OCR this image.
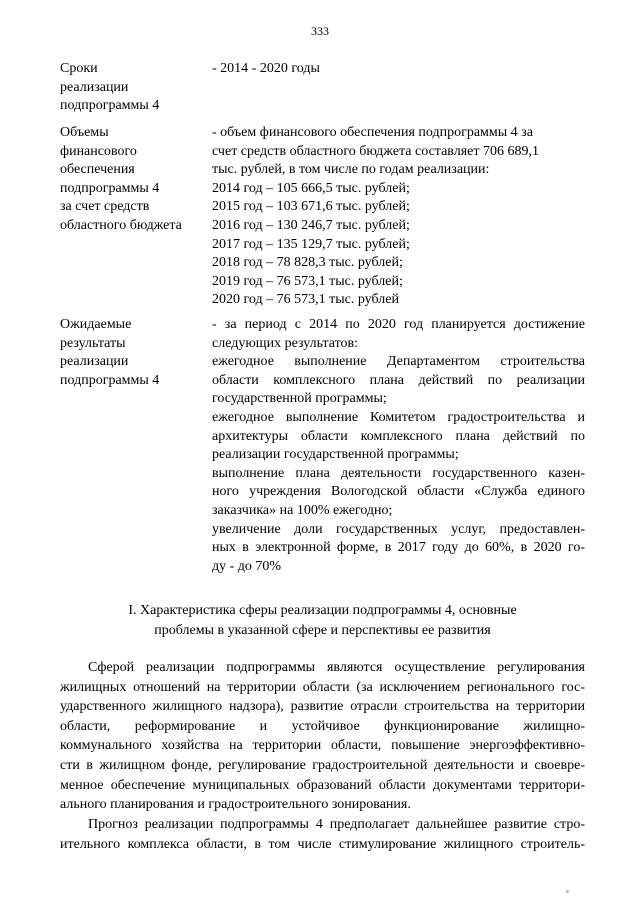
333
Сроки
реализации
подпрограммы 4
- 2014 - 2020 годы
Объемы
финансового
обеспечения
подпрограммы 4
за счет средств
областного бюджета
- объем финансового обеспечения подпрограммы 4 за
счет средств областного бюджета составляет 706 689,1
тыс. рублей, в том числе по годам реализации:
2014 год – 105 666,5 тыс. рублей;
2015 год – 103 671,6 тыс. рублей;
2016 год – 130 246,7 тыс. рублей;
2017 год – 135 129,7 тыс. рублей;
2018 год – 78 828,3 тыс. рублей;
2019 год – 76 573,1 тыс. рублей;
2020 год – 76 573,1 тыс. рублей
Ожидаемые
результаты
реализации
подпрограммы 4
- за период с 2014 по 2020 год планируется достижение
следующих результатов:
ежегодное выполнение Департаментом строительства
области комплексного плана действий по реализации
государственной программы;
ежегодное выполнение Комитетом градостроительства и
архитектуры области комплексного плана действий по
реализации государственной программы;
выполнение плана деятельности государственного казен-
ного учреждения Вологодской области «Служба единого
заказчика» на 100% ежегодно;
увеличение доли государственных услуг, предоставлен-
ных в электронной форме, в 2017 году до 60%, в 2020 го-
ду - до 70%
I. Характеристика сферы реализации подпрограммы 4, основные
проблемы в указанной сфере и перспективы ее развития
Сферой реализации подпрограммы являются осуществление регулирования
жилищных отношений на территории области (за исключением регионального гос-
ударственного жилищного надзора), развитие отрасли строительства на территории
области, реформирование и устойчивое функционирование жилищно-
коммунального хозяйства на территории области, повышение энергоэффективно-
сти в жилищном фонде, регулирование градостроительной деятельности и своевре-
менное обеспечение муниципальных образований области документами территори-
ального планирования и градостроительного зонирования.
Прогноз реализации подпрограммы 4 предполагает дальнейшее развитие стро-
ительного комплекса области, в том числе стимулирование жилищного строитель-
